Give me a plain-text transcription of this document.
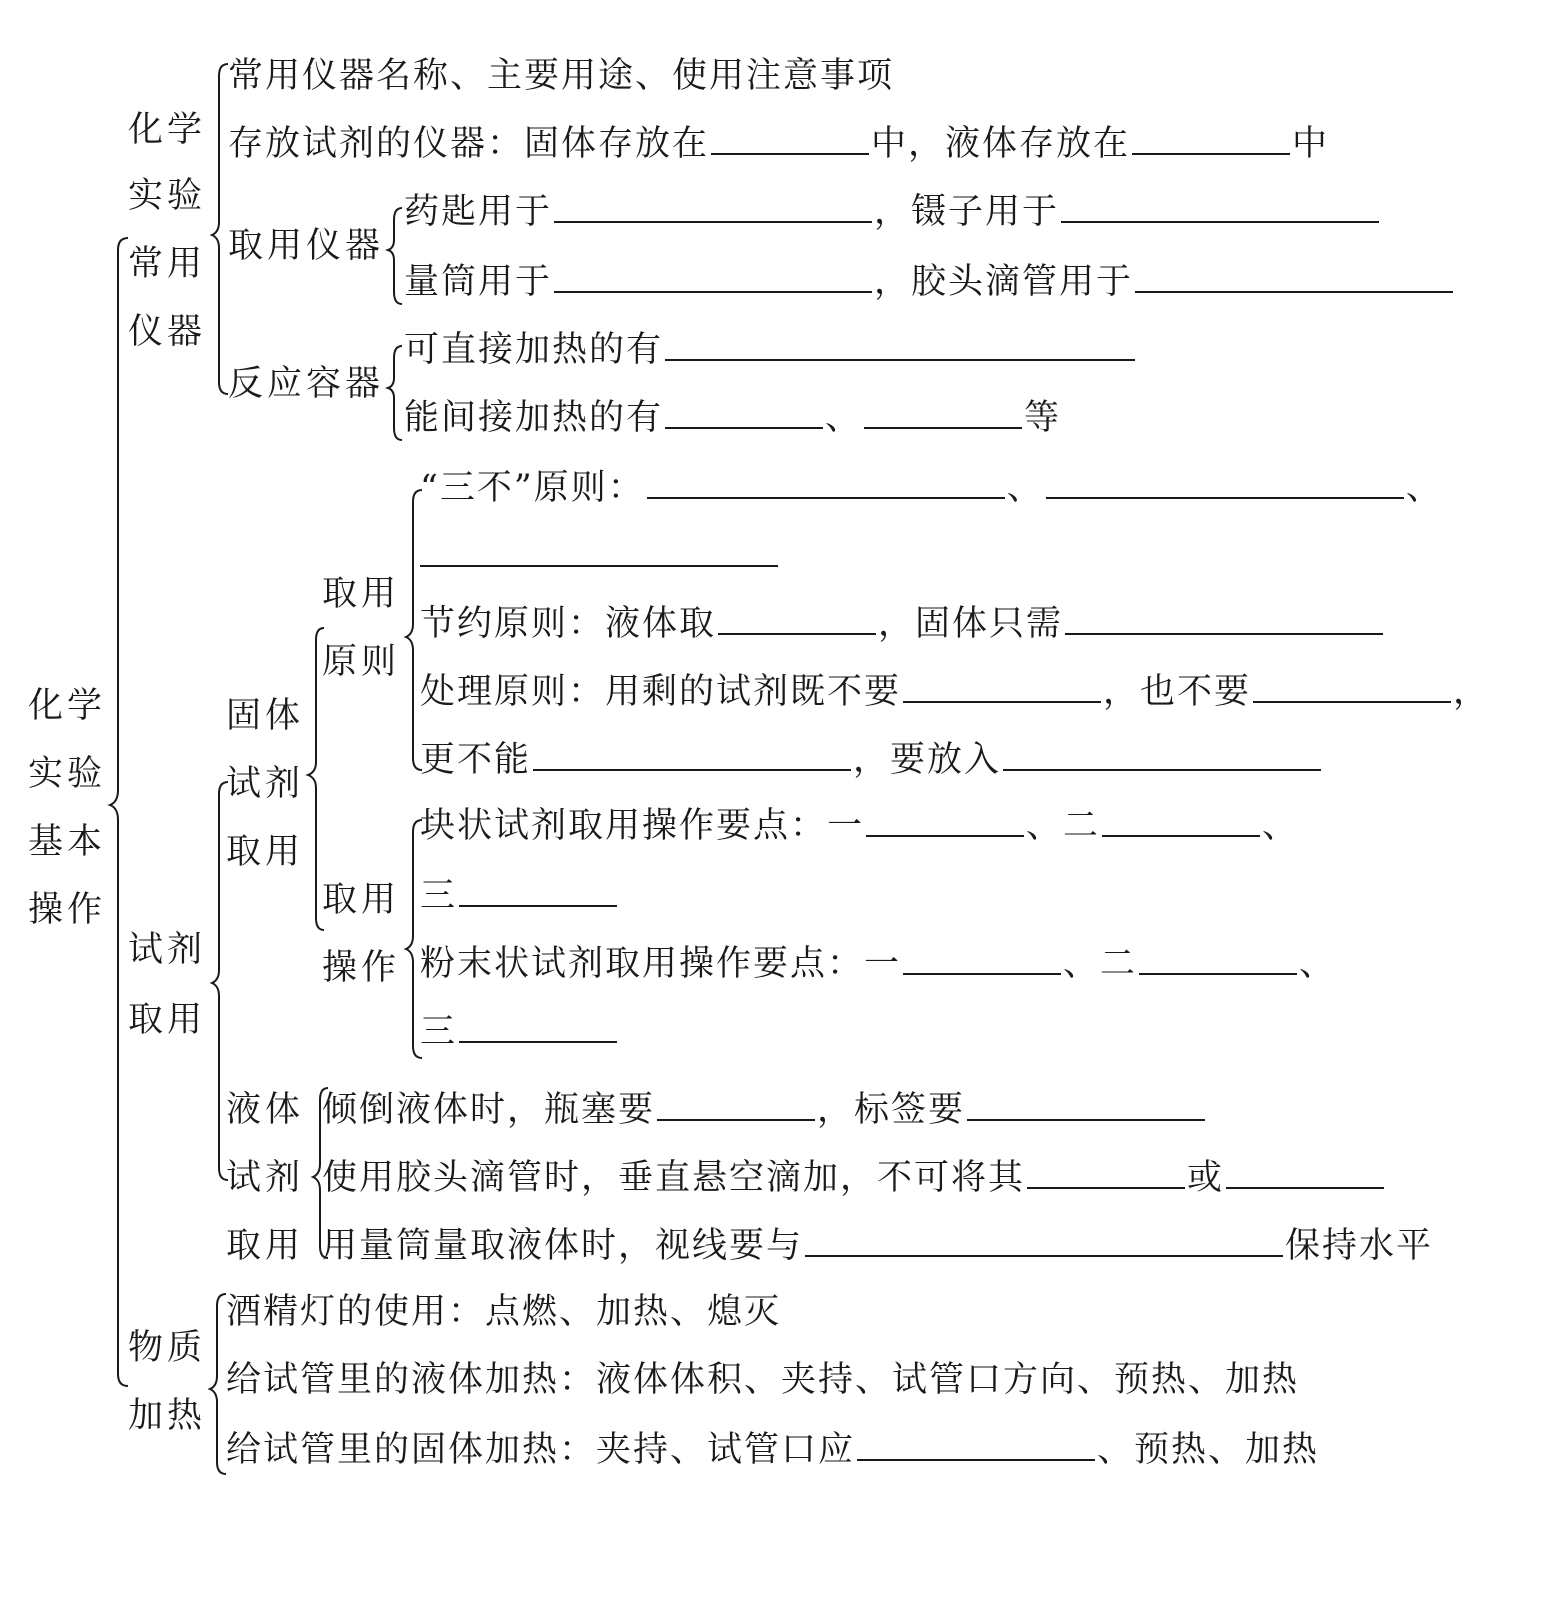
化学
实验
基本
操作
化学
实验
常用
仪器
常用仪器名称、主要用途、使用注意事项
存放试剂的仪器：固体存放在	中，液体存放在	中
取用仪器
药匙用于	，镊子用于
量筒用于	，胶头滴管用于
反应容器
可直接加热的有
能间接加热的有	、	等
试剂
取用
固体
试剂
取用
取用
原则
“三不”原则：	、	、
节约原则：液体取	，固体只需
处理原则：用剩的试剂既不要	，也不要	，
更不能	，要放入
取用
操作
块状试剂取用操作要点：一	、二	、
三
粉末状试剂取用操作要点：一	、二	、
三
液体
试剂
取用
倾倒液体时，瓶塞要	，标签要
使用胶头滴管时，垂直悬空滴加，不可将其	或
用量筒量取液体时，视线要与	保持水平
物质
加热
酒精灯的使用：点燃、加热、熄灭
给试管里的液体加热：液体体积、夹持、试管口方向、预热、加热
给试管里的固体加热：夹持、试管口应	、预热、加热
